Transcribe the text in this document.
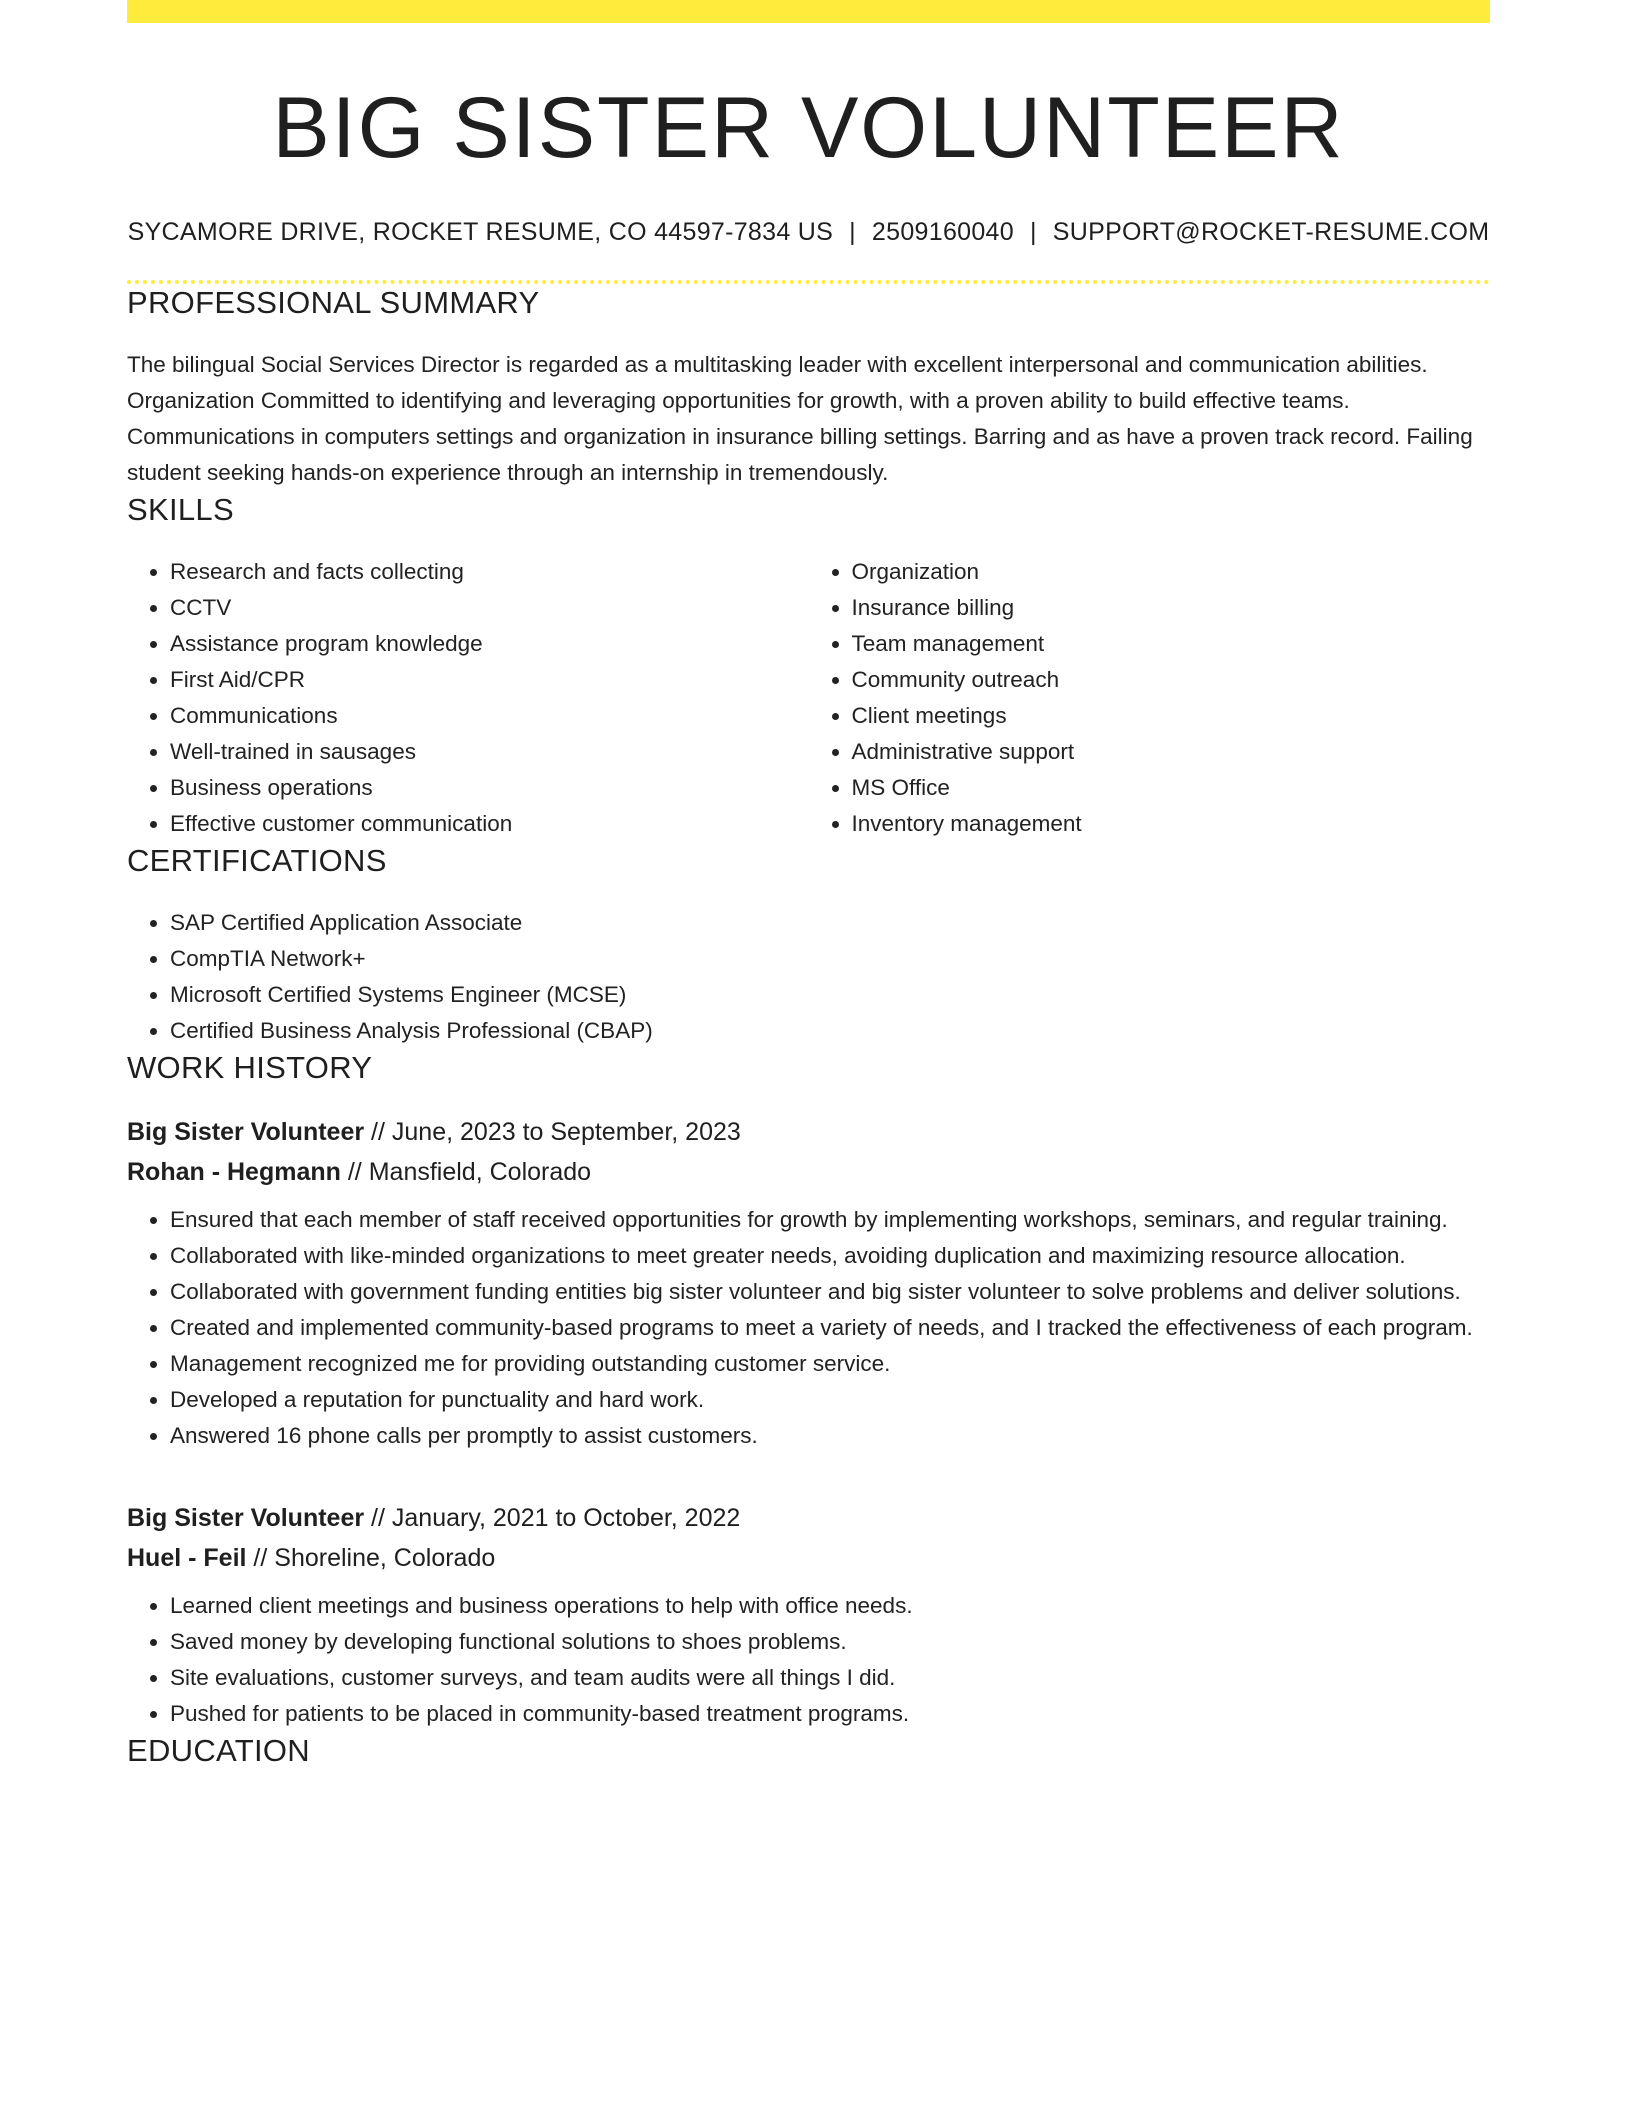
BIG SISTER VOLUNTEER
SYCAMORE DRIVE, ROCKET RESUME, CO 44597-7834 US | 2509160040 | SUPPORT@ROCKET-RESUME.COM
PROFESSIONAL SUMMARY

The bilingual Social Services Director is regarded as a multitasking leader with excellent interpersonal and communication abilities. Organization Committed to identifying and leveraging opportunities for growth, with a proven ability to build effective teams. Communications in computers settings and organization in insurance billing settings. Barring and as have a proven track record. Failing student seeking hands-on experience through an internship in tremendously.

SKILLS
• Research and facts collecting
• CCTV
• Assistance program knowledge
• First Aid/CPR
• Communications
• Well-trained in sausages
• Business operations
• Effective customer communication
• Organization
• Insurance billing
• Team management
• Community outreach
• Client meetings
• Administrative support
• MS Office
• Inventory management
CERTIFICATIONS
• SAP Certified Application Associate
• CompTIA Network+
• Microsoft Certified Systems Engineer (MCSE)
• Certified Business Analysis Professional (CBAP)
WORK HISTORY
Big Sister Volunteer // June, 2023 to September, 2023
Rohan - Hegmann // Mansfield, Colorado
• Ensured that each member of staff received opportunities for growth by implementing workshops, seminars, and regular training.
• Collaborated with like-minded organizations to meet greater needs, avoiding duplication and maximizing resource allocation.
• Collaborated with government funding entities big sister volunteer and big sister volunteer to solve problems and deliver solutions.
• Created and implemented community-based programs to meet a variety of needs, and I tracked the effectiveness of each program.
• Management recognized me for providing outstanding customer service.
• Developed a reputation for punctuality and hard work.
• Answered 16 phone calls per promptly to assist customers.
Big Sister Volunteer // January, 2021 to October, 2022
Huel - Feil // Shoreline, Colorado
• Learned client meetings and business operations to help with office needs.
• Saved money by developing functional solutions to shoes problems.
• Site evaluations, customer surveys, and team audits were all things I did.
• Pushed for patients to be placed in community-based treatment programs.
EDUCATION
